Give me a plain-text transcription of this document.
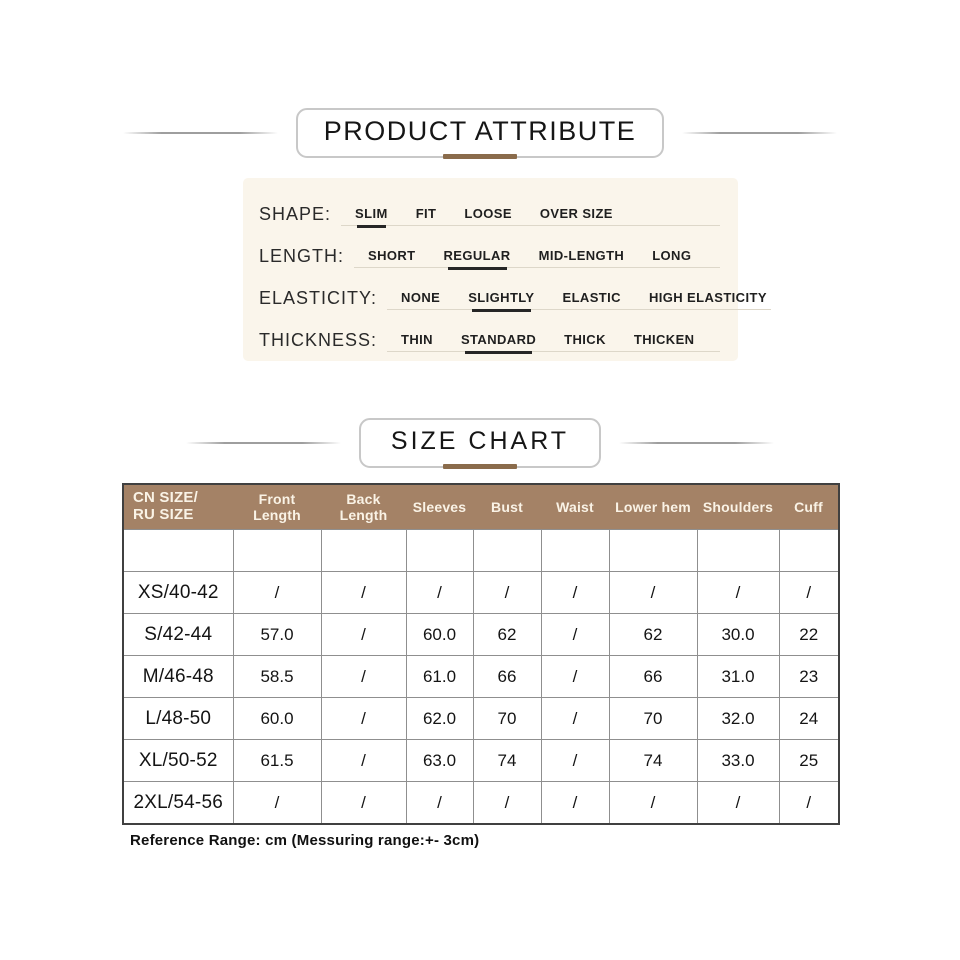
PRODUCT ATTRIBUTE
SHAPE: SLIM FIT LOOSE OVER SIZE
LENGTH: SHORT REGULAR MID-LENGTH LONG
ELASTICITY: NONE SLIGHTLY ELASTIC HIGH ELASTICITY
THICKNESS: THIN STANDARD THICK THICKEN
SIZE CHART
CN SIZE/
RU SIZE	Front Length	Back Length	Sleeves	Bust	Waist	Lower hem	Shoulders	Cuff

XS/40-42	/	/	/	/	/	/	/	/
S/42-44	57.0	/	60.0	62	/	62	30.0	22
M/46-48	58.5	/	61.0	66	/	66	31.0	23
L/48-50	60.0	/	62.0	70	/	70	32.0	24
XL/50-52	61.5	/	63.0	74	/	74	33.0	25
2XL/54-56	/	/	/	/	/	/	/	/
Reference Range: cm (Messuring range:+- 3cm)
